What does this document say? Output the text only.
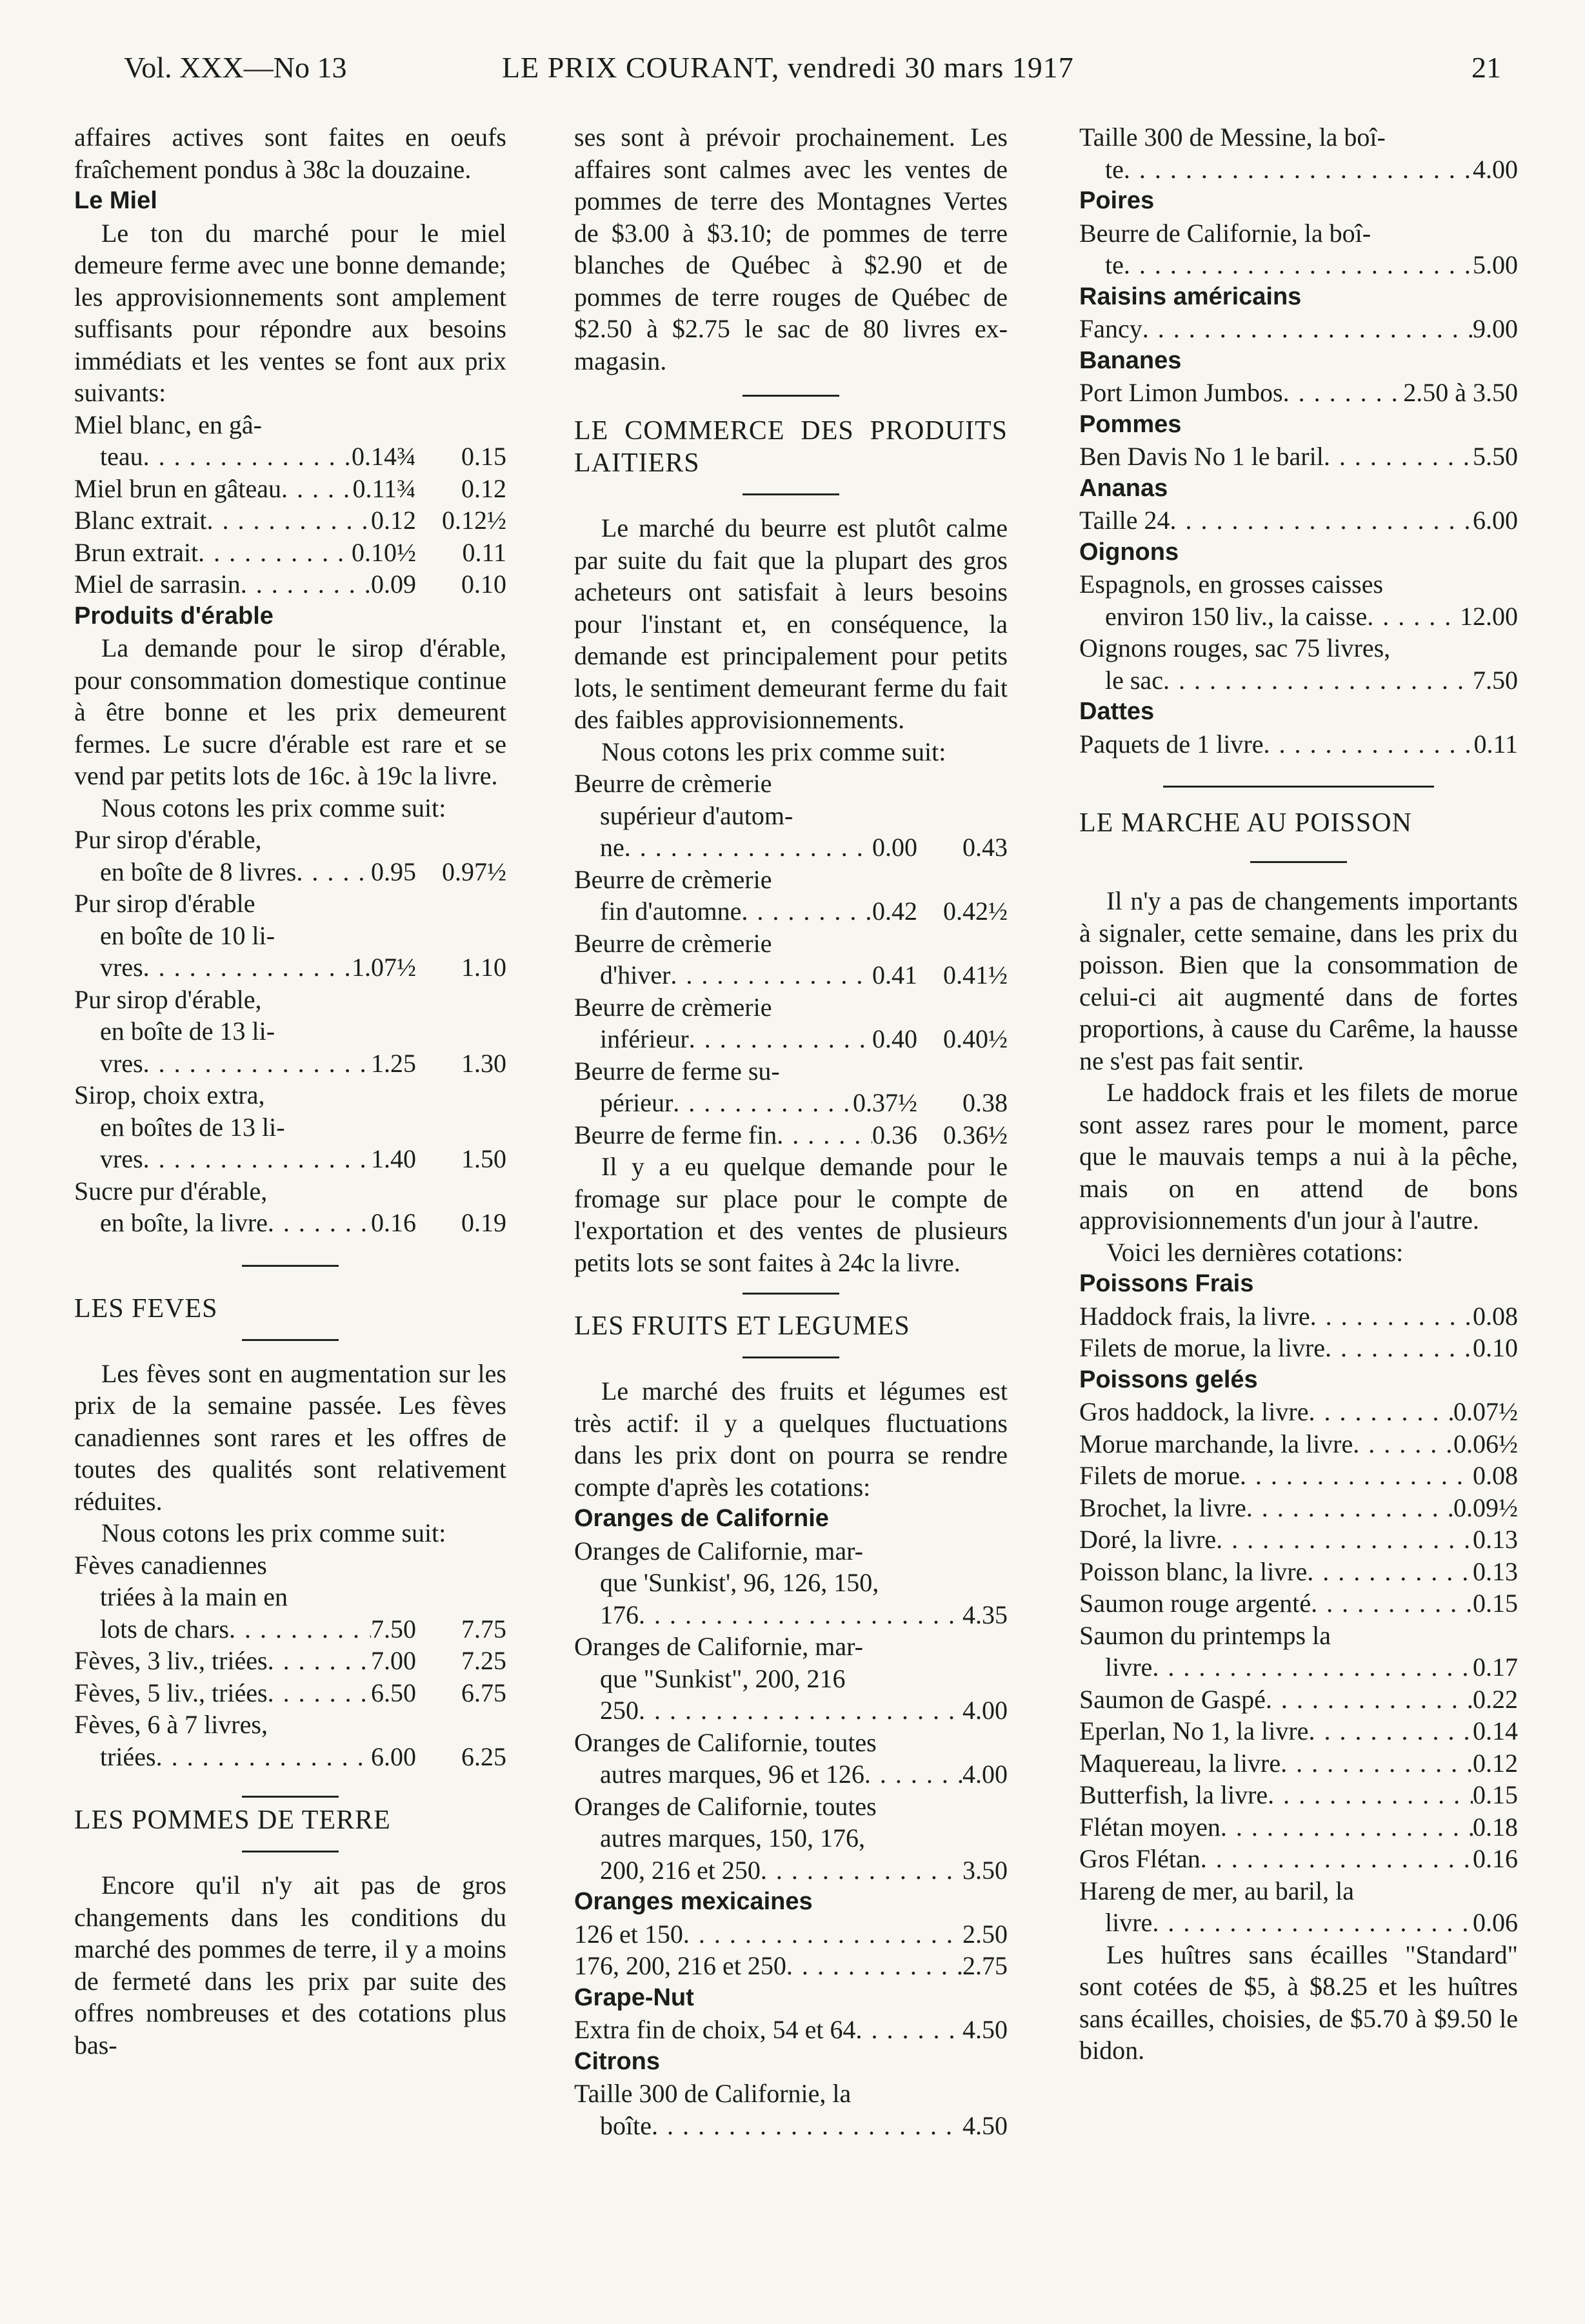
Vol. XXX—No 13	LE PRIX COURANT, vendredi 30 mars 1917	21

affaires actives sont faites en oeufs fraîchement pondus à 38c la douzaine.

Le Miel

Le ton du marché pour le miel demeure ferme avec une bonne demande; les approvisionnements sont amplement suffisants pour répondre aux besoins immédiats et les ventes se font aux prix suivants:

Miel blanc, en gâ-

teau . . .	0.14¾	0.15
Miel brun en gâteau . . .	0.11¾	0.12
Blanc extrait . . .	0.12	0.12½
Brun extrait . . .	0.10½	0.11
Miel de sarrasin . . .	0.09	0.10

Produits d'érable

La demande pour le sirop d'érable, pour consommation domestique continue à être bonne et les prix demeurent fermes. Le sucre d'érable est rare et se vend par petits lots de 16c. à 19c la livre.

Nous cotons les prix comme suit:

Pur sirop d'érable,

en boîte de 8 livres . . .	0.95	0.97½

Pur sirop d'érable

en boîte de 10 li-

vres . . .	1.07½	1.10

Pur sirop d'érable,

en boîte de 13 li-

vres . . .	1.25	1.30

Sirop, choix extra,

en boîtes de 13 li-

vres . . .	1.40	1.50

Sucre pur d'érable,

en boîte, la livre . . .	0.16	0.19

LES FEVES

Les fèves sont en augmentation sur les prix de la semaine passée. Les fèves canadiennes sont rares et les offres de toutes des qualités sont relativement réduites.

Nous cotons les prix comme suit:

Fèves canadiennes

triées à la main en

lots de chars . . .	7.50	7.75
Fèves, 3 liv., triées . . .	7.00	7.25
Fèves, 5 liv., triées . . .	6.50	6.75

Fèves, 6 à 7 livres,

triées . . .	6.00	6.25

LES POMMES DE TERRE

Encore qu'il n'y ait pas de gros changements dans les conditions du marché des pommes de terre, il y a moins de fermeté dans les prix par suite des offres nombreuses et des cotations plus bas-

ses sont à prévoir prochainement. Les affaires sont calmes avec les ventes de pommes de terre des Montagnes Vertes de $3.00 à $3.10; de pommes de terre blanches de Québec à $2.90 et de pommes de terre rouges de Québec de $2.50 à $2.75 le sac de 80 livres ex-magasin.

LE COMMERCE DES PRODUITS LAITIERS

Le marché du beurre est plutôt calme par suite du fait que la plupart des gros acheteurs ont satisfait à leurs besoins pour l'instant et, en conséquence, la demande est principalement pour petits lots, le sentiment demeurant ferme du fait des faibles approvisionnements.

Nous cotons les prix comme suit:

Beurre de crèmerie

supérieur d'autom-

ne . . .	0.00	0.43

Beurre de crèmerie

fin d'automne . . .	0.42	0.42½

Beurre de crèmerie

d'hiver . . .	0.41	0.41½

Beurre de crèmerie

inférieur . . .	0.40	0.40½

Beurre de ferme su-

périeur . . .	0.37½	0.38
Beurre de ferme fin . . .	0.36	0.36½

Il y a eu quelque demande pour le fromage sur place pour le compte de l'exportation et des ventes de plusieurs petits lots se sont faites à 24c la livre.

LES FRUITS ET LEGUMES

Le marché des fruits et légumes est très actif: il y a quelques fluctuations dans les prix dont on pourra se rendre compte d'après les cotations:

Oranges de Californie

Oranges de Californie, mar-

que 'Sunkist', 96, 126, 150,

176 . . .	4.35

Oranges de Californie, mar-

que "Sunkist", 200, 216

250 . . .	4.00

Oranges de Californie, toutes

autres marques, 96 et 126 . . .	4.00

Oranges de Californie, toutes

autres marques, 150, 176,

200, 216 et 250 . . .	3.50

Oranges mexicaines

126 et 150 . . .	2.50
176, 200, 216 et 250 . . .	2.75

Grape-Nut

Extra fin de choix, 54 et 64 . . .	4.50

Citrons

Taille 300 de Californie, la

boîte . . .	4.50

Taille 300 de Messine, la boî-

te . . .	4.00

Poires

Beurre de Californie, la boî-

te . . .	5.00

Raisins américains

Fancy . . .	9.00

Bananes

Port Limon Jumbos . . .	2.50 à 3.50

Pommes

Ben Davis No 1 le baril . . .	5.50

Ananas

Taille 24 . . .	6.00

Oignons

Espagnols, en grosses caisses

environ 150 liv., la caisse . . .	12.00

Oignons rouges, sac 75 livres,

le sac . . .	7.50

Dattes

Paquets de 1 livre . . .	0.11

LE MARCHE AU POISSON

Il n'y a pas de changements importants à signaler, cette semaine, dans les prix du poisson. Bien que la consommation de celui-ci ait augmenté dans de fortes proportions, à cause du Carême, la hausse ne s'est pas fait sentir.

Le haddock frais et les filets de morue sont assez rares pour le moment, parce que le mauvais temps a nui à la pêche, mais on en attend de bons approvisionnements d'un jour à l'autre.

Voici les dernières cotations:

Poissons Frais

Haddock frais, la livre . . .	0.08
Filets de morue, la livre . . .	0.10

Poissons gelés

Gros haddock, la livre . . .	0.07½
Morue marchande, la livre . . .	0.06½
Filets de morue . . .	0.08
Brochet, la livre . . .	0.09½
Doré, la livre . . .	0.13
Poisson blanc, la livre . . .	0.13
Saumon rouge argenté . . .	0.15

Saumon du printemps la

livre . . .	0.17
Saumon de Gaspé . . .	0.22
Eperlan, No 1, la livre . . .	0.14
Maquereau, la livre . . .	0.12
Butterfish, la livre . . .	0.15
Flétan moyen . . .	0.18
Gros Flétan . . .	0.16

Hareng de mer, au baril, la

livre . . .	0.06

Les huîtres sans écailles "Standard" sont cotées de $5, à $8.25 et les huîtres sans écailles, choisies, de $5.70 à $9.50 le bidon.
